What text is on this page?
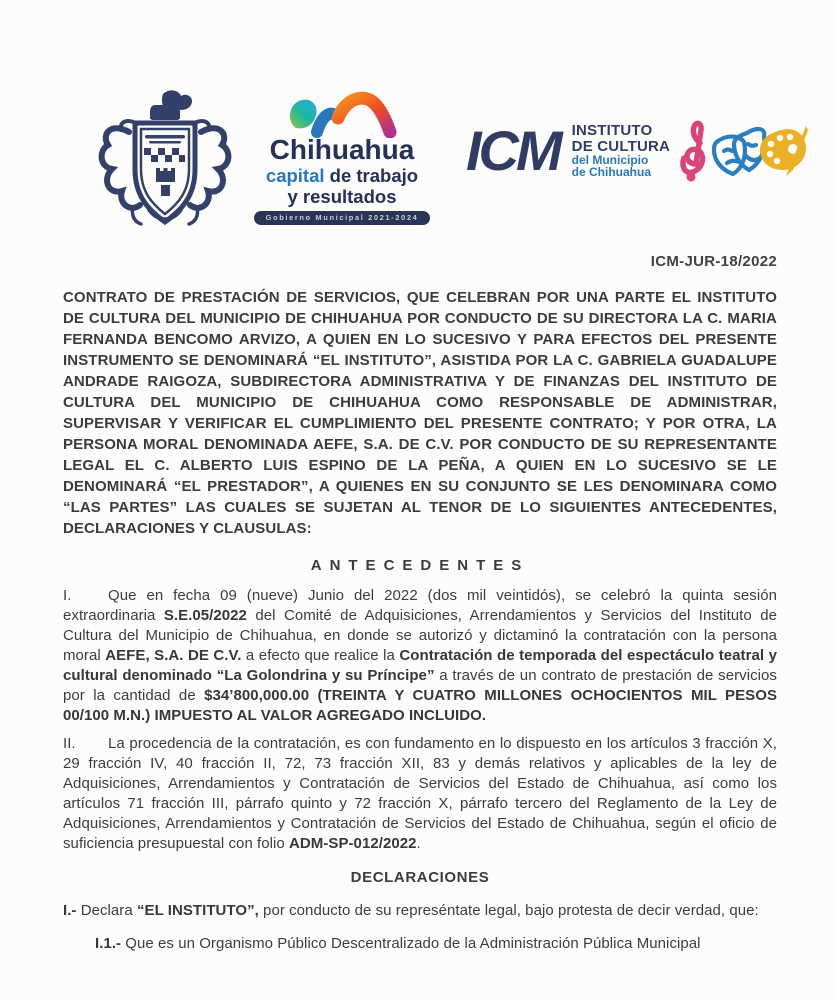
Chihuahua
capital de trabajo
y resultados
Gobierno Municipal 2021-2024
ICM INSTITUTO
DE CULTURA
del Municipio
de Chihuahua
ICM-JUR-18/2022

CONTRATO DE PRESTACIÓN DE SERVICIOS, QUE CELEBRAN POR UNA PARTE EL INSTITUTO DE CULTURA DEL MUNICIPIO DE CHIHUAHUA POR CONDUCTO DE SU DIRECTORA LA C. MARIA FERNANDA BENCOMO ARVIZO, A QUIEN EN LO SUCESIVO Y PARA EFECTOS DEL PRESENTE INSTRUMENTO SE DENOMINARÁ “EL INSTITUTO”, ASISTIDA POR LA C. GABRIELA GUADALUPE ANDRADE RAIGOZA, SUBDIRECTORA ADMINISTRATIVA Y DE FINANZAS DEL INSTITUTO DE CULTURA DEL MUNICIPIO DE CHIHUAHUA COMO RESPONSABLE DE ADMINISTRAR, SUPERVISAR Y VERIFICAR EL CUMPLIMIENTO DEL PRESENTE CONTRATO; Y POR OTRA, LA PERSONA MORAL DENOMINADA AEFE, S.A. DE C.V. POR CONDUCTO DE SU REPRESENTANTE LEGAL EL C. ALBERTO LUIS ESPINO DE LA PEÑA, A QUIEN EN LO SUCESIVO SE LE DENOMINARÁ “EL PRESTADOR”, A QUIENES EN SU CONJUNTO SE LES DENOMINARA COMO “LAS PARTES” LAS CUALES SE SUJETAN AL TENOR DE LO SIGUIENTES ANTECEDENTES, DECLARACIONES Y CLAUSULAS:

ANTECEDENTES

I. Que en fecha 09 (nueve) Junio del 2022 (dos mil veintidós), se celebró la quinta sesión extraordinaria S.E.05/2022 del Comité de Adquisiciones, Arrendamientos y Servicios del Instituto de Cultura del Municipio de Chihuahua, en donde se autorizó y dictaminó la contratación con la persona moral AEFE, S.A. DE C.V. a efecto que realice la Contratación de temporada del espectáculo teatral y cultural denominado “La Golondrina y su Príncipe” a través de un contrato de prestación de servicios por la cantidad de $34’800,000.00 (TREINTA Y CUATRO MILLONES OCHOCIENTOS MIL PESOS 00/100 M.N.) IMPUESTO AL VALOR AGREGADO INCLUIDO.

II. La procedencia de la contratación, es con fundamento en lo dispuesto en los artículos 3 fracción X, 29 fracción IV, 40 fracción II, 72, 73 fracción XII, 83 y demás relativos y aplicables de la ley de Adquisiciones, Arrendamientos y Contratación de Servicios del Estado de Chihuahua, así como los artículos 71 fracción III, párrafo quinto y 72 fracción X, párrafo tercero del Reglamento de la Ley de Adquisiciones, Arrendamientos y Contratación de Servicios del Estado de Chihuahua, según el oficio de suficiencia presupuestal con folio ADM-SP-012/2022.

DECLARACIONES

I.- Declara “EL INSTITUTO”, por conducto de su represéntate legal, bajo protesta de decir verdad, que:

I.1.- Que es un Organismo Público Descentralizado de la Administración Pública Municipal
